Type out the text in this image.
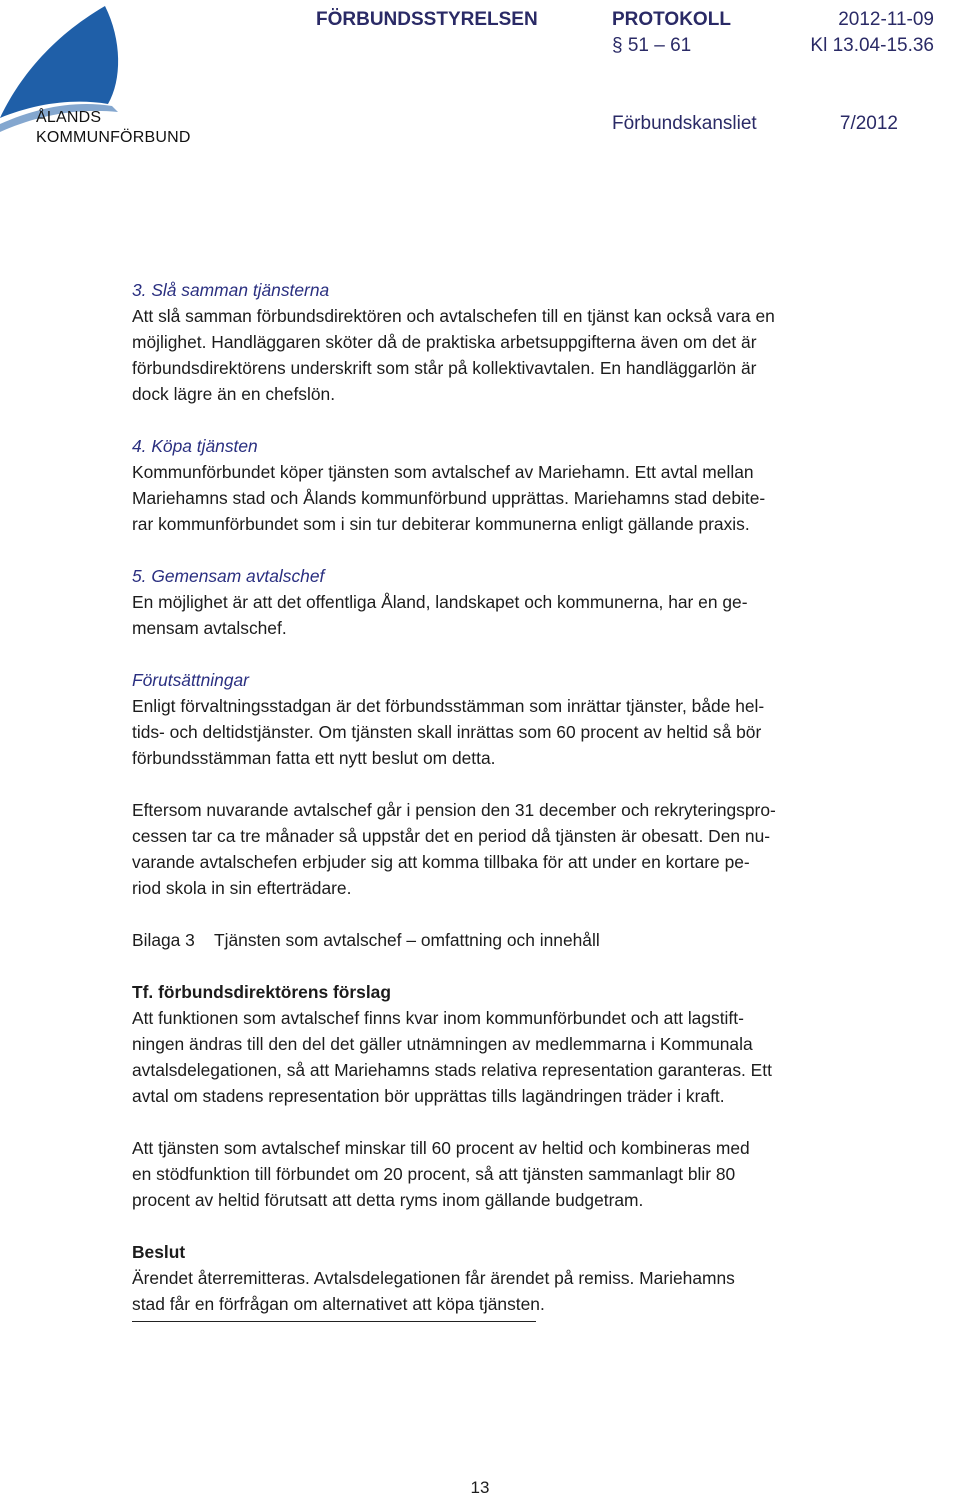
ÅLANDS
KOMMUNFÖRBUND
FÖRBUNDSSTYRELSEN	PROTOKOLL	2012-11-09
§ 51 – 61	Kl 13.04-15.36
Förbundskansliet	7/2012

3. Slå samman tjänsterna

Att slå samman förbundsdirektören och avtalschefen till en tjänst kan också vara en

möjlighet. Handläggaren sköter då de praktiska arbetsuppgifterna även om det är

förbundsdirektörens underskrift som står på kollektivavtalen. En handläggarlön är

dock lägre än en chefslön.

4. Köpa tjänsten

Kommunförbundet köper tjänsten som avtalschef av Mariehamn. Ett avtal mellan

Mariehamns stad och Ålands kommunförbund upprättas. Mariehamns stad debite-

rar kommunförbundet som i sin tur debiterar kommunerna enligt gällande praxis.

5. Gemensam avtalschef

En möjlighet är att det offentliga Åland, landskapet och kommunerna, har en ge-

mensam avtalschef.

Förutsättningar

Enligt förvaltningsstadgan är det förbundsstämman som inrättar tjänster, både hel-

tids- och deltidstjänster. Om tjänsten skall inrättas som 60 procent av heltid så bör

förbundsstämman fatta ett nytt beslut om detta.

Eftersom nuvarande avtalschef går i pension den 31 december och rekryteringspro-

cessen tar ca tre månader så uppstår det en period då tjänsten är obesatt. Den nu-

varande avtalschefen erbjuder sig att komma tillbaka för att under en kortare pe-

riod skola in sin efterträdare.

Bilaga 3 Tjänsten som avtalschef – omfattning och innehåll

Tf. förbundsdirektörens förslag

Att funktionen som avtalschef finns kvar inom kommunförbundet och att lagstift-

ningen ändras till den del det gäller utnämningen av medlemmarna i Kommunala

avtalsdelegationen, så att Mariehamns stads relativa representation garanteras. Ett

avtal om stadens representation bör upprättas tills lagändringen träder i kraft.

Att tjänsten som avtalschef minskar till 60 procent av heltid och kombineras med

en stödfunktion till förbundet om 20 procent, så att tjänsten sammanlagt blir 80

procent av heltid förutsatt att detta ryms inom gällande budgetram.

Beslut

Ärendet återremitteras. Avtalsdelegationen får ärendet på remiss. Mariehamns

stad får en förfrågan om alternativet att köpa tjänsten.

13
